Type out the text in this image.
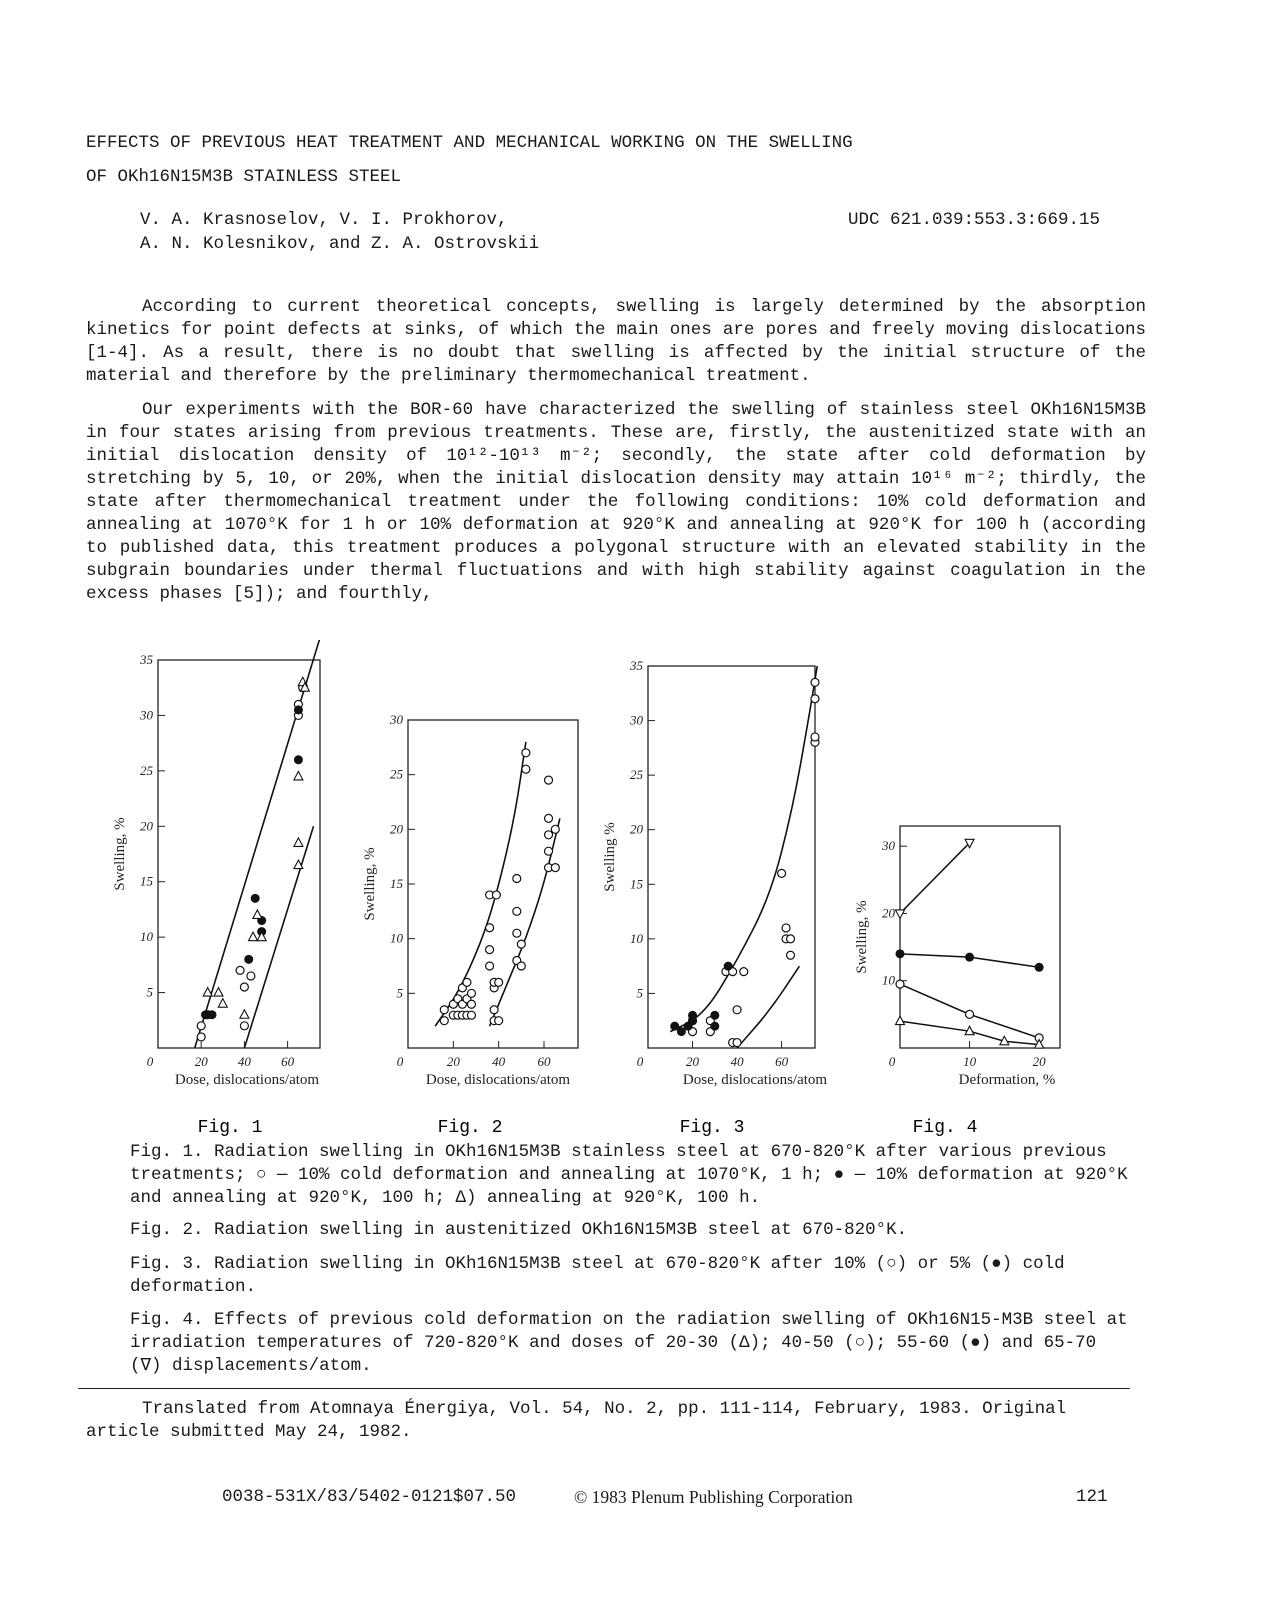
EFFECTS OF PREVIOUS HEAT TREATMENT AND MECHANICAL WORKING ON THE SWELLING
OF OKh16N15M3B STAINLESS STEEL
V. A. Krasnoselov, V. I. Prokhorov,
A. N. Kolesnikov, and Z. A. Ostrovskii
UDC 621.039:553.3:669.15

According to current theoretical concepts, swelling is largely determined by the absorption kinetics for point defects at sinks, of which the main ones are pores and freely moving dislocations [1-4]. As a result, there is no doubt that swelling is affected by the initial structure of the material and therefore by the preliminary thermomechanical treatment.

Our experiments with the BOR-60 have characterized the swelling of stainless steel OKh16N15M3B in four states arising from previous treatments. These are, firstly, the austenitized state with an initial dislocation density of 10¹²-10¹³ m⁻²; secondly, the state after cold deformation by stretching by 5, 10, or 20%, when the initial dislocation density may attain 10¹⁶ m⁻²; thirdly, the state after thermomechanical treatment under the following conditions: 10% cold deformation and annealing at 1070°K for 1 h or 10% deformation at 920°K and annealing at 920°K for 100 h (according to published data, this treatment produces a polygonal structure with an elevated stability in the subgrain boundaries under thermal fluctuations and with high stability against coagulation in the excess phases [5]); and fourthly,

5
10
15
20
25
30
35
0	20 40 60
Dose, dislocations/atom
Swelling, %
Fig. 1
5
10
15
20
25
30
0	20 40 60
Dose, dislocations/atom
Swelling, %
Fig. 2
5
10
15
20
25
30
35
0	20 40 60
Dose, dislocations/atom
Swelling %
Fig. 3
10
20
30
0	10	20
Deformation, %
Swelling, %
Fig. 4

Fig. 1. Radiation swelling in OKh16N15M3B stainless steel at 670-820°K after various previous treatments; ○ — 10% cold deformation and annealing at 1070°K, 1 h; ● — 10% deformation at 920°K and annealing at 920°K, 100 h; Δ) annealing at 920°K, 100 h.

Fig. 2. Radiation swelling in austenitized OKh16N15M3B steel at 670-820°K.

Fig. 3. Radiation swelling in OKh16N15M3B steel at 670-820°K after 10% (○) or 5% (●) cold deformation.

Fig. 4. Effects of previous cold deformation on the radiation swelling of OKh16N15-M3B steel at irradiation temperatures of 720-820°K and doses of 20-30 (Δ); 40-50 (○); 55-60 (●) and 65-70 (∇) displacements/atom.

Translated from Atomnaya Énergiya, Vol. 54, No. 2, pp. 111-114, February, 1983. Original article submitted May 24, 1982.

0038-531X/83/5402-0121$07.50	© 1983 Plenum Publishing Corporation	121
